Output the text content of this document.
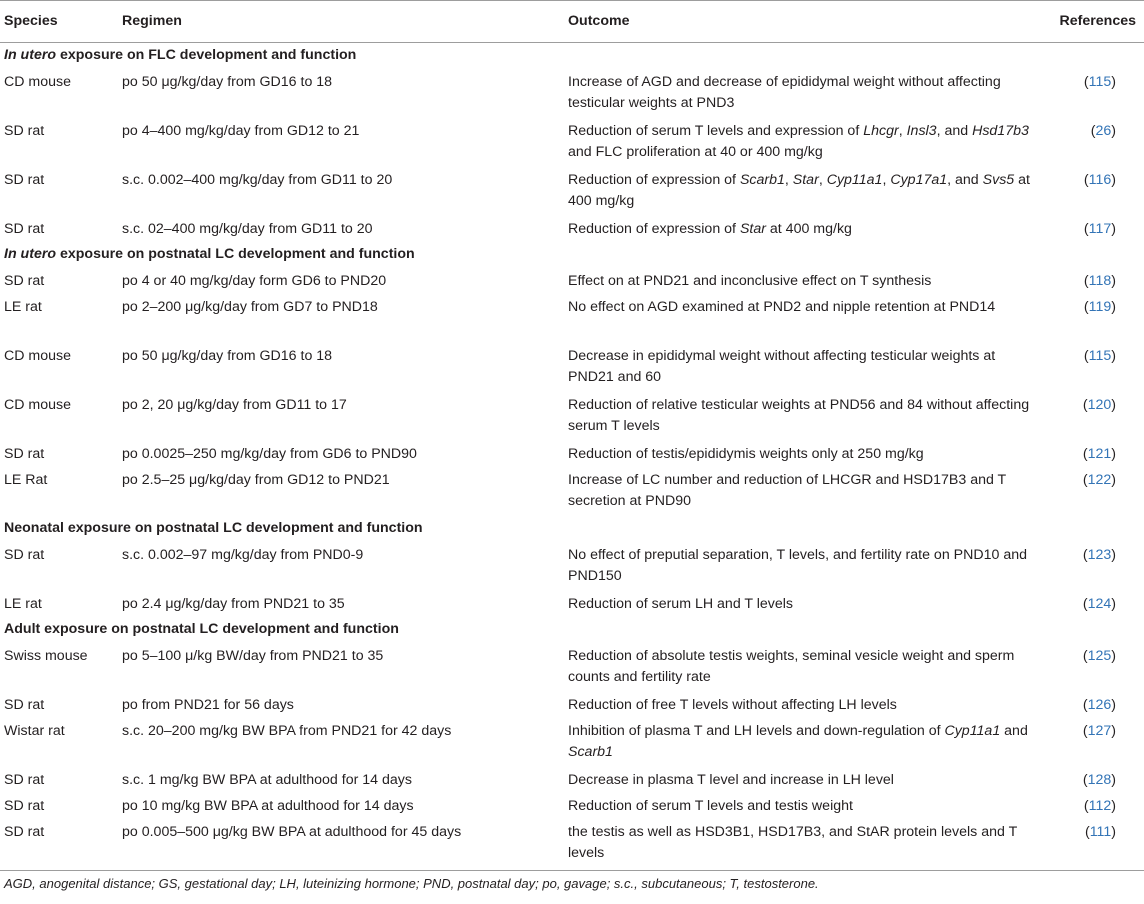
Species	Regimen	Outcome	References
In utero exposure on FLC development and function			
CD mouse	po 50 μg/kg/day from GD16 to 18	Increase of AGD and decrease of epididymal weight without affecting testicular weights at PND3	(115)
SD rat	po 4–400 mg/kg/day from GD12 to 21	Reduction of serum T levels and expression of Lhcgr, Insl3, and Hsd17b3 and FLC proliferation at 40 or 400 mg/kg	(26)
SD rat	s.c. 0.002–400 mg/kg/day from GD11 to 20	Reduction of expression of Scarb1, Star, Cyp11a1, Cyp17a1, and Svs5 at 400 mg/kg	(116)
SD rat	s.c. 02–400 mg/kg/day from GD11 to 20	Reduction of expression of Star at 400 mg/kg	(117)
In utero exposure on postnatal LC development and function			
SD rat	po 4 or 40 mg/kg/day form GD6 to PND20	Effect on at PND21 and inconclusive effect on T synthesis	(118)
LE rat	po 2–200 μg/kg/day from GD7 to PND18	No effect on AGD examined at PND2 and nipple retention at PND14	(119)
CD mouse	po 50 μg/kg/day from GD16 to 18	Decrease in epididymal weight without affecting testicular weights at PND21 and 60	(115)
CD mouse	po 2, 20 μg/kg/day from GD11 to 17	Reduction of relative testicular weights at PND56 and 84 without affecting serum T levels	(120)
SD rat	po 0.0025–250 mg/kg/day from GD6 to PND90	Reduction of testis/epididymis weights only at 250 mg/kg	(121)
LE Rat	po 2.5–25 μg/kg/day from GD12 to PND21	Increase of LC number and reduction of LHCGR and HSD17B3 and T secretion at PND90	(122)
Neonatal exposure on postnatal LC development and function			
SD rat	s.c. 0.002–97 mg/kg/day from PND0-9	No effect of preputial separation, T levels, and fertility rate on PND10 and PND150	(123)
LE rat	po 2.4 μg/kg/day from PND21 to 35	Reduction of serum LH and T levels	(124)
Adult exposure on postnatal LC development and function			
Swiss mouse	po 5–100 μ/kg BW/day from PND21 to 35	Reduction of absolute testis weights, seminal vesicle weight and sperm counts and fertility rate	(125)
SD rat	po from PND21 for 56 days	Reduction of free T levels without affecting LH levels	(126)
Wistar rat	s.c. 20–200 mg/kg BW BPA from PND21 for 42 days	Inhibition of plasma T and LH levels and down-regulation of Cyp11a1 and Scarb1	(127)
SD rat	s.c. 1 mg/kg BW BPA at adulthood for 14 days	Decrease in plasma T level and increase in LH level	(128)
SD rat	po 10 mg/kg BW BPA at adulthood for 14 days	Reduction of serum T levels and testis weight	(112)
SD rat	po 0.005–500 μg/kg BW BPA at adulthood for 45 days	the testis as well as HSD3B1, HSD17B3, and StAR protein levels and T levels	(111)
AGD, anogenital distance; GS, gestational day; LH, luteinizing hormone; PND, postnatal day; po, gavage; s.c., subcutaneous; T, testosterone.
